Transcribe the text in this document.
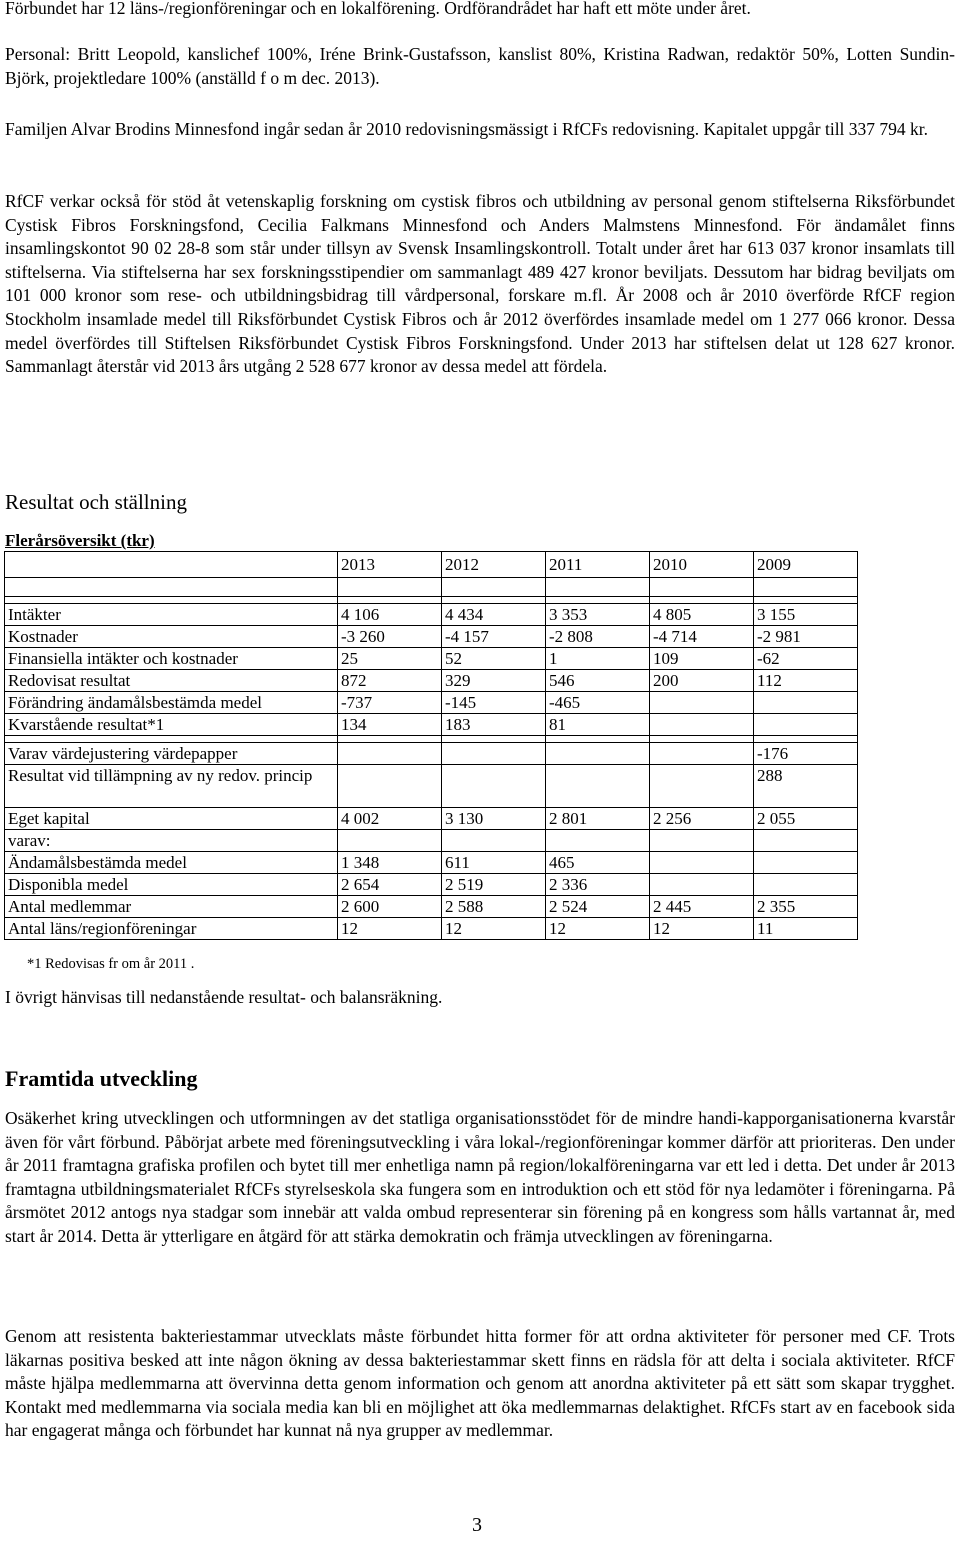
Förbundet har 12 läns-/regionföreningar och en lokalförening. Ordförandrådet har haft ett möte under året.

Personal: Britt Leopold, kanslichef 100%, Iréne Brink-Gustafsson, kanslist 80%, Kristina Radwan, redaktör 50%, Lotten Sundin-Björk, projektledare 100% (anställd f o m dec. 2013).

Familjen Alvar Brodins Minnesfond ingår sedan år 2010 redovisningsmässigt i RfCFs redovisning. Kapitalet uppgår till 337 794 kr.

RfCF verkar också för stöd åt vetenskaplig forskning om cystisk fibros och utbildning av personal genom stiftelserna Riksförbundet Cystisk Fibros Forskningsfond, Cecilia Falkmans Minnesfond och Anders Malmstens Minnesfond. För ändamålet finns insamlingskontot 90 02 28-8 som står under tillsyn av Svensk Insamlingskontroll. Totalt under året har 613 037 kronor insamlats till stiftelserna. Via stiftelserna har sex forskningsstipendier om sammanlagt 489 427 kronor beviljats. Dessutom har bidrag beviljats om 101 000 kronor som rese- och utbildningsbidrag till vårdpersonal, forskare m.fl. År 2008 och år 2010 överförde RfCF region Stockholm insamlade medel till Riksförbundet Cystisk Fibros och år 2012 överfördes insamlade medel om 1 277 066 kronor. Dessa medel överfördes till Stiftelsen Riksförbundet Cystisk Fibros Forskningsfond. Under 2013 har stiftelsen delat ut 128 627 kronor. Sammanlagt återstår vid 2013 års utgång 2 528 677 kronor av dessa medel att fördela.

Resultat och ställning
Flerårsöversikt (tkr)
	2013	2012	2011	2010	2009

Intäkter	4 106	4 434	3 353	4 805	3 155
Kostnader	-3 260	-4 157	-2 808	-4 714	-2 981
Finansiella intäkter och kostnader	25	52	1	109	-62
Redovisat resultat	872	329	546	200	112
Förändring ändamålsbestämda medel	-737	-145	-465		
Kvarstående resultat*1	134	183	81		

Varav värdejustering värdepapper					-176
Resultat vid tillämpning av ny redov. princip					288
Eget kapital	4 002	3 130	2 801	2 256	2 055
varav:					
Ändamålsbestämda medel	1 348	611	465		
Disponibla medel	2 654	2 519	2 336		
Antal medlemmar	2 600	2 588	2 524	2 445	2 355
Antal läns/regionföreningar	12	12	12	12	11
*1 Redovisas fr om år 2011 .
I övrigt hänvisas till nedanstående resultat- och balansräkning.
Framtida utveckling

Osäkerhet kring utvecklingen och utformningen av det statliga organisationsstödet för de mindre handi-kapporganisationerna kvarstår även för vårt förbund. Påbörjat arbete med föreningsutveckling i våra lokal-/regionföreningar kommer därför att prioriteras. Den under år 2011 framtagna grafiska profilen och bytet till mer enhetliga namn på region/lokalföreningarna var ett led i detta. Det under år 2013 framtagna utbildningsmaterialet RfCFs styrelseskola ska fungera som en introduktion och ett stöd för nya ledamöter i föreningarna. På årsmötet 2012 antogs nya stadgar som innebär att valda ombud representerar sin förening på en kongress som hålls vartannat år, med start år 2014. Detta är ytterligare en åtgärd för att stärka demokratin och främja utvecklingen av föreningarna.

Genom att resistenta bakteriestammar utvecklats måste förbundet hitta former för att ordna aktiviteter för personer med CF. Trots läkarnas positiva besked att inte någon ökning av dessa bakteriestammar skett finns en rädsla för att delta i sociala aktiviteter. RfCF måste hjälpa medlemmarna att övervinna detta genom information och genom att anordna aktiviteter på ett sätt som skapar trygghet. Kontakt med medlemmarna via sociala media kan bli en möjlighet att öka medlemmarnas delaktighet. RfCFs start av en facebook sida har engagerat många och förbundet har kunnat nå nya grupper av medlemmar.

3
